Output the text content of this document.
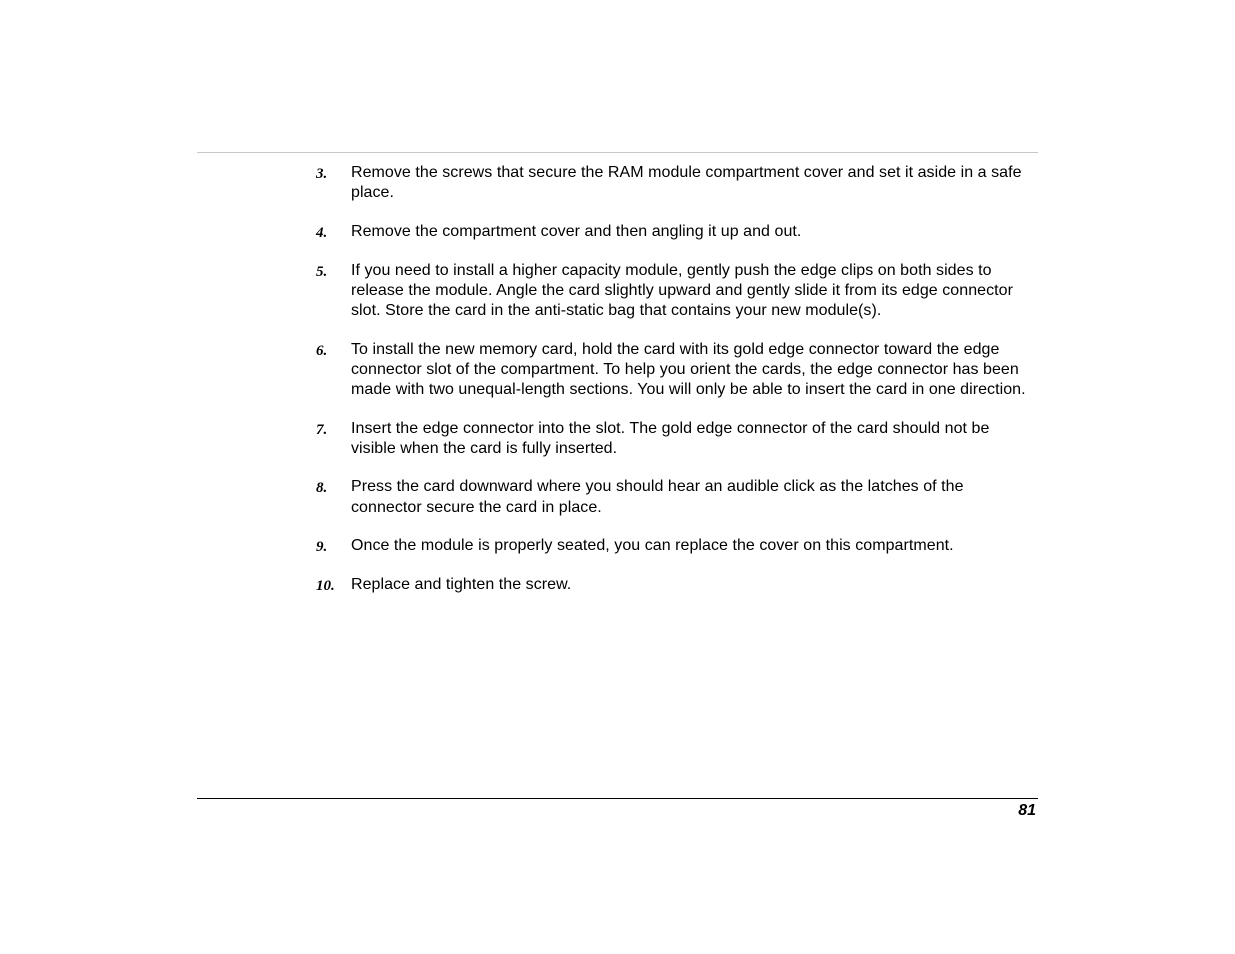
3.	Remove the screws that secure the RAM module compartment cover and set it aside in a safe place.
4.	Remove the compartment cover and then angling it up and out.
5.	If you need to install a higher capacity module, gently push the edge clips on both sides to release the module. Angle the card slightly upward and gently slide it from its edge connector slot. Store the card in the anti-static bag that contains your new module(s).
6.	To install the new memory card, hold the card with its gold edge connector toward the edge connector slot of the compartment. To help you orient the cards, the edge connector has been made with two unequal-length sections. You will only be able to insert the card in one direction.
7.	Insert the edge connector into the slot. The gold edge connector of the card should not be visible when the card is fully inserted.
8.	Press the card downward where you should hear an audible click as the latches of the connector secure the card in place.
9.	Once the module is properly seated, you can replace the cover on this compartment.
10.	Replace and tighten the screw.
81
